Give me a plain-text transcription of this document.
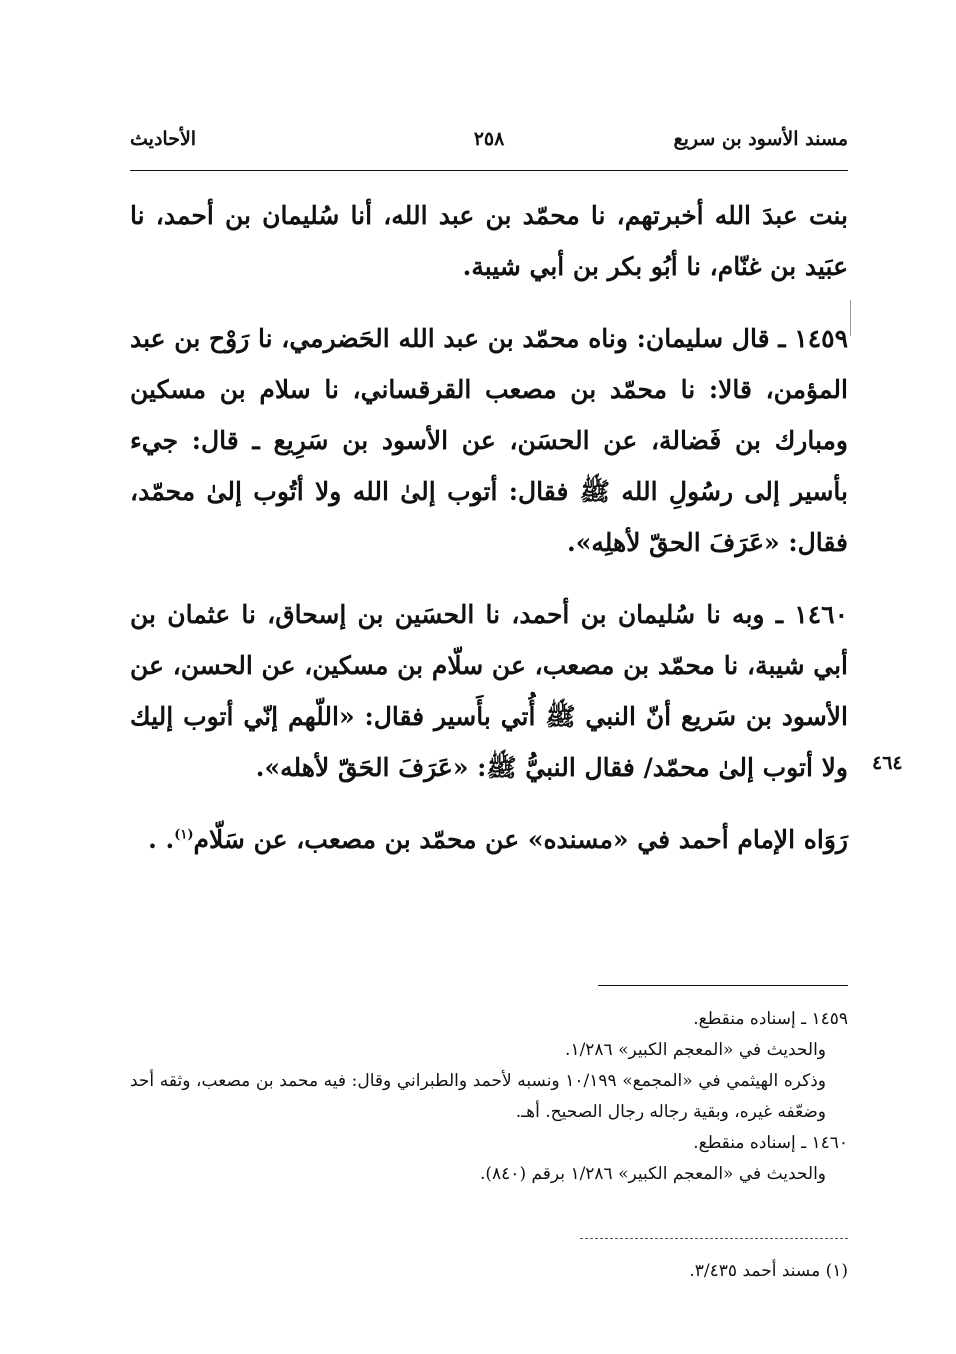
مسند الأسود بن سريع
٢٥٨
الأحاديث

بنت عبدَ الله أخبرتهم، نا محمّد بن عبد الله، أنا سُليمان بن أحمد، نا عبَيد بن غنّام، نا أبُو بكر بن أبي شيبة.

١٤٥٩ ـ قال سليمان: وناه محمّد بن عبد الله الحَضرمي، نا رَوْح بن عبد المؤمن، قالا: نا محمّد بن مصعب القرقساني، نا سلام بن مسكين ومبارك بن فَضالة، عن الحسَن، عن الأسود بن سَرِيع ـ قال: جيء بأسير إلى رسُولِ الله ﷺ فقال: أتوب إلىٰ الله ولا أتُوب إلىٰ محمّد، فقال: «عَرَفَ الحقّ لأهلِه».

١٤٦٠ ـ وبه نا سُليمان بن أحمد، نا الحسَين بن إسحاق، نا عثمان بن أبي شيبة، نا محمّد بن مصعب، عن سلّام بن مسكين، عن الحسن، عن الأسود بن سَريع أنّ النبي ﷺ أُتي بأَسير فقال: «اللّهم إنّي أتوب إليك ولا أتوب إلىٰ محمّد/ فقال النبيُّ ﷺ: «عَرَفَ الحَقّ لأهله».

رَوَاه الإمام أحمد في «مسنده» عن محمّد بن مصعب، عن سَلّام$^{(١)}$. .

٤٦٤

١٤٥٩ ـ إسناده منقطع.

والحديث في «المعجم الكبير» ١/٢٨٦.

وذكره الهيثمي في «المجمع» ١٠/١٩٩ ونسبه لأحمد والطبراني وقال: فيه محمد بن مصعب، وثقه أحد وضعّفه غيره، وبقية رجاله رجال الصحيح. أهـ.

١٤٦٠ ـ إسناده منقطع.

والحديث في «المعجم الكبير» ١/٢٨٦ برقم (٨٤٠).

(١) مسند أحمد ٣/٤٣٥.
